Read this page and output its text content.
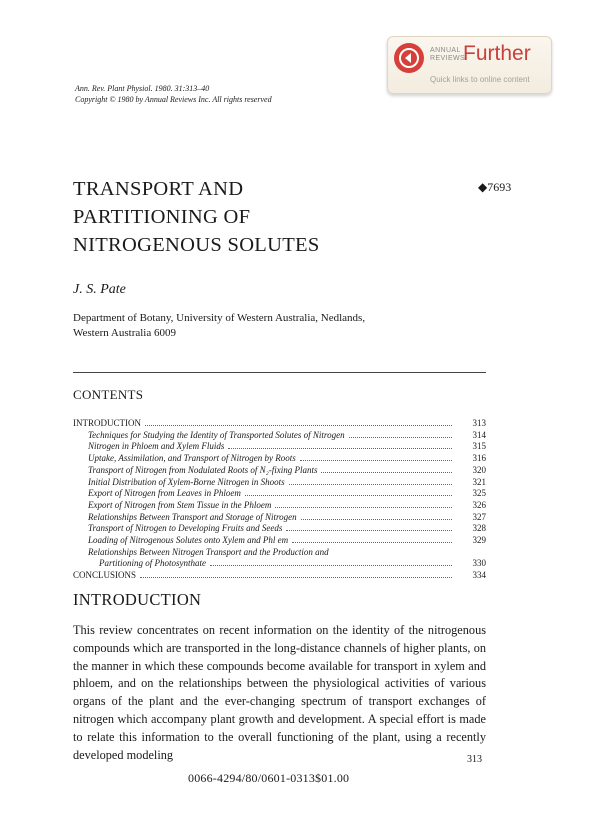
ANNUAL
REVIEWS
Further
Quick links to online content
Ann. Rev. Plant Physiol. 1980. 31:313–40
Copyright © 1980 by Annual Reviews Inc. All rights reserved
TRANSPORT AND
PARTITIONING OF
NITROGENOUS SOLUTES
◆7693
J. S. Pate
Department of Botany, University of Western Australia, Nedlands,
Western Australia 6009
CONTENTS
INTRODUCTION	313
Techniques for Studying the Identity of Transported Solutes of Nitrogen	314
Nitrogen in Phloem and Xylem Fluids	315
Uptake, Assimilation, and Transport of Nitrogen by Roots	316
Transport of Nitrogen from Nodulated Roots of N₂-fixing Plants	320
Initial Distribution of Xylem-Borne Nitrogen in Shoots	321
Export of Nitrogen from Leaves in Phloem	325
Export of Nitrogen from Stem Tissue in the Phloem	326
Relationships Between Transport and Storage of Nitrogen	327
Transport of Nitrogen to Developing Fruits and Seeds	328
Loading of Nitrogenous Solutes onto Xylem and Phl em	329
Relationships Between Nitrogen Transport and the Production and
Partitioning of Photosynthate	330
CONCLUSIONS	334
INTRODUCTION
This review concentrates on recent information on the identity of the nitrogenous compounds which are transported in the long-distance channels of higher plants, on the manner in which these compounds become available for transport in xylem and phloem, and on the relationships between the physiological activities of various organs of the plant and the ever-changing spectrum of transport exchanges of nitrogen which accompany plant growth and development. A special effort is made to relate this information to the overall functioning of the plant, using a recently developed modeling	313
0066-4294/80/0601-0313$01.00
